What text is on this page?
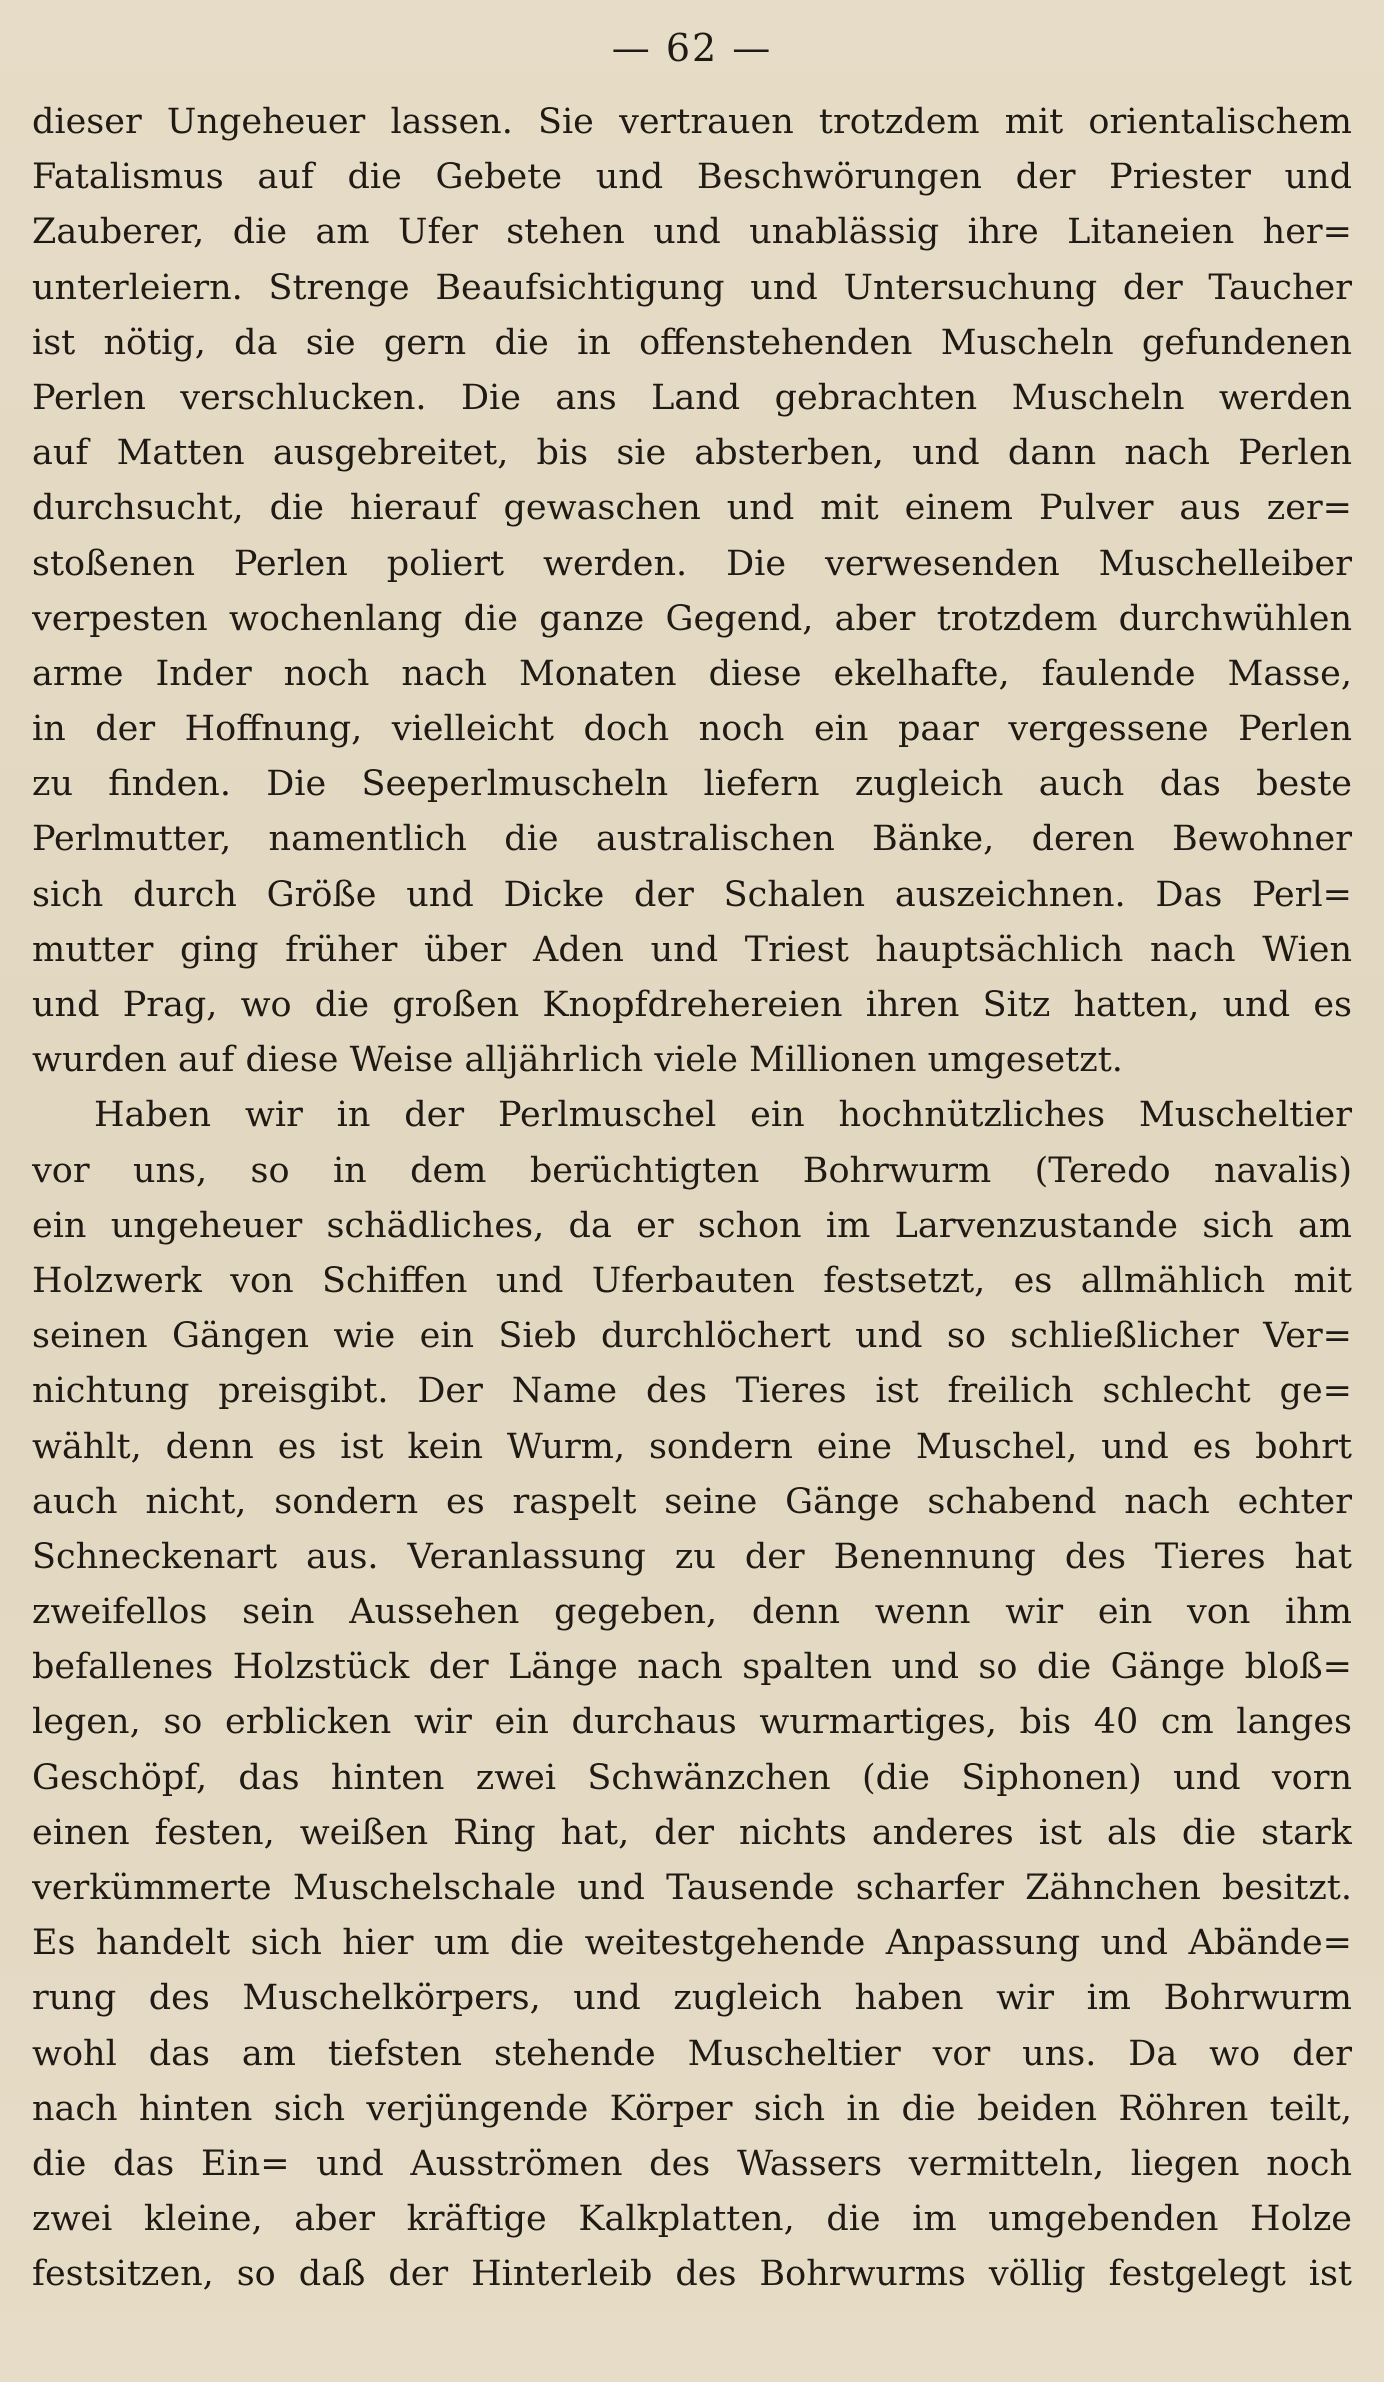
— 62 —
dieser Ungeheuer lassen. Sie vertrauen trotzdem mit orientalischem
Fatalismus auf die Gebete und Beschwörungen der Priester und
Zauberer, die am Ufer stehen und unablässig ihre Litaneien her=
unterleiern. Strenge Beaufsichtigung und Untersuchung der Taucher
ist nötig, da sie gern die in offenstehenden Muscheln gefundenen
Perlen verschlucken. Die ans Land gebrachten Muscheln werden
auf Matten ausgebreitet, bis sie absterben, und dann nach Perlen
durchsucht, die hierauf gewaschen und mit einem Pulver aus zer=
stoßenen Perlen poliert werden. Die verwesenden Muschelleiber
verpesten wochenlang die ganze Gegend, aber trotzdem durchwühlen
arme Inder noch nach Monaten diese ekelhafte, faulende Masse,
in der Hoffnung, vielleicht doch noch ein paar vergessene Perlen
zu finden. Die Seeperlmuscheln liefern zugleich auch das beste
Perlmutter, namentlich die australischen Bänke, deren Bewohner
sich durch Größe und Dicke der Schalen auszeichnen. Das Perl=
mutter ging früher über Aden und Triest hauptsächlich nach Wien
und Prag, wo die großen Knopfdrehereien ihren Sitz hatten, und es
wurden auf diese Weise alljährlich viele Millionen umgesetzt.
Haben wir in der Perlmuschel ein hochnützliches Muscheltier
vor uns, so in dem berüchtigten Bohrwurm (Teredo navalis)
ein ungeheuer schädliches, da er schon im Larvenzustande sich am
Holzwerk von Schiffen und Uferbauten festsetzt, es allmählich mit
seinen Gängen wie ein Sieb durchlöchert und so schließlicher Ver=
nichtung preisgibt. Der Name des Tieres ist freilich schlecht ge=
wählt, denn es ist kein Wurm, sondern eine Muschel, und es bohrt
auch nicht, sondern es raspelt seine Gänge schabend nach echter
Schneckenart aus. Veranlassung zu der Benennung des Tieres hat
zweifellos sein Aussehen gegeben, denn wenn wir ein von ihm
befallenes Holzstück der Länge nach spalten und so die Gänge bloß=
legen, so erblicken wir ein durchaus wurmartiges, bis 40 cm langes
Geschöpf, das hinten zwei Schwänzchen (die Siphonen) und vorn
einen festen, weißen Ring hat, der nichts anderes ist als die stark
verkümmerte Muschelschale und Tausende scharfer Zähnchen besitzt.
Es handelt sich hier um die weitestgehende Anpassung und Abände=
rung des Muschelkörpers, und zugleich haben wir im Bohrwurm
wohl das am tiefsten stehende Muscheltier vor uns. Da wo der
nach hinten sich verjüngende Körper sich in die beiden Röhren teilt,
die das Ein= und Ausströmen des Wassers vermitteln, liegen noch
zwei kleine, aber kräftige Kalkplatten, die im umgebenden Holze
festsitzen, so daß der Hinterleib des Bohrwurms völlig festgelegt ist
